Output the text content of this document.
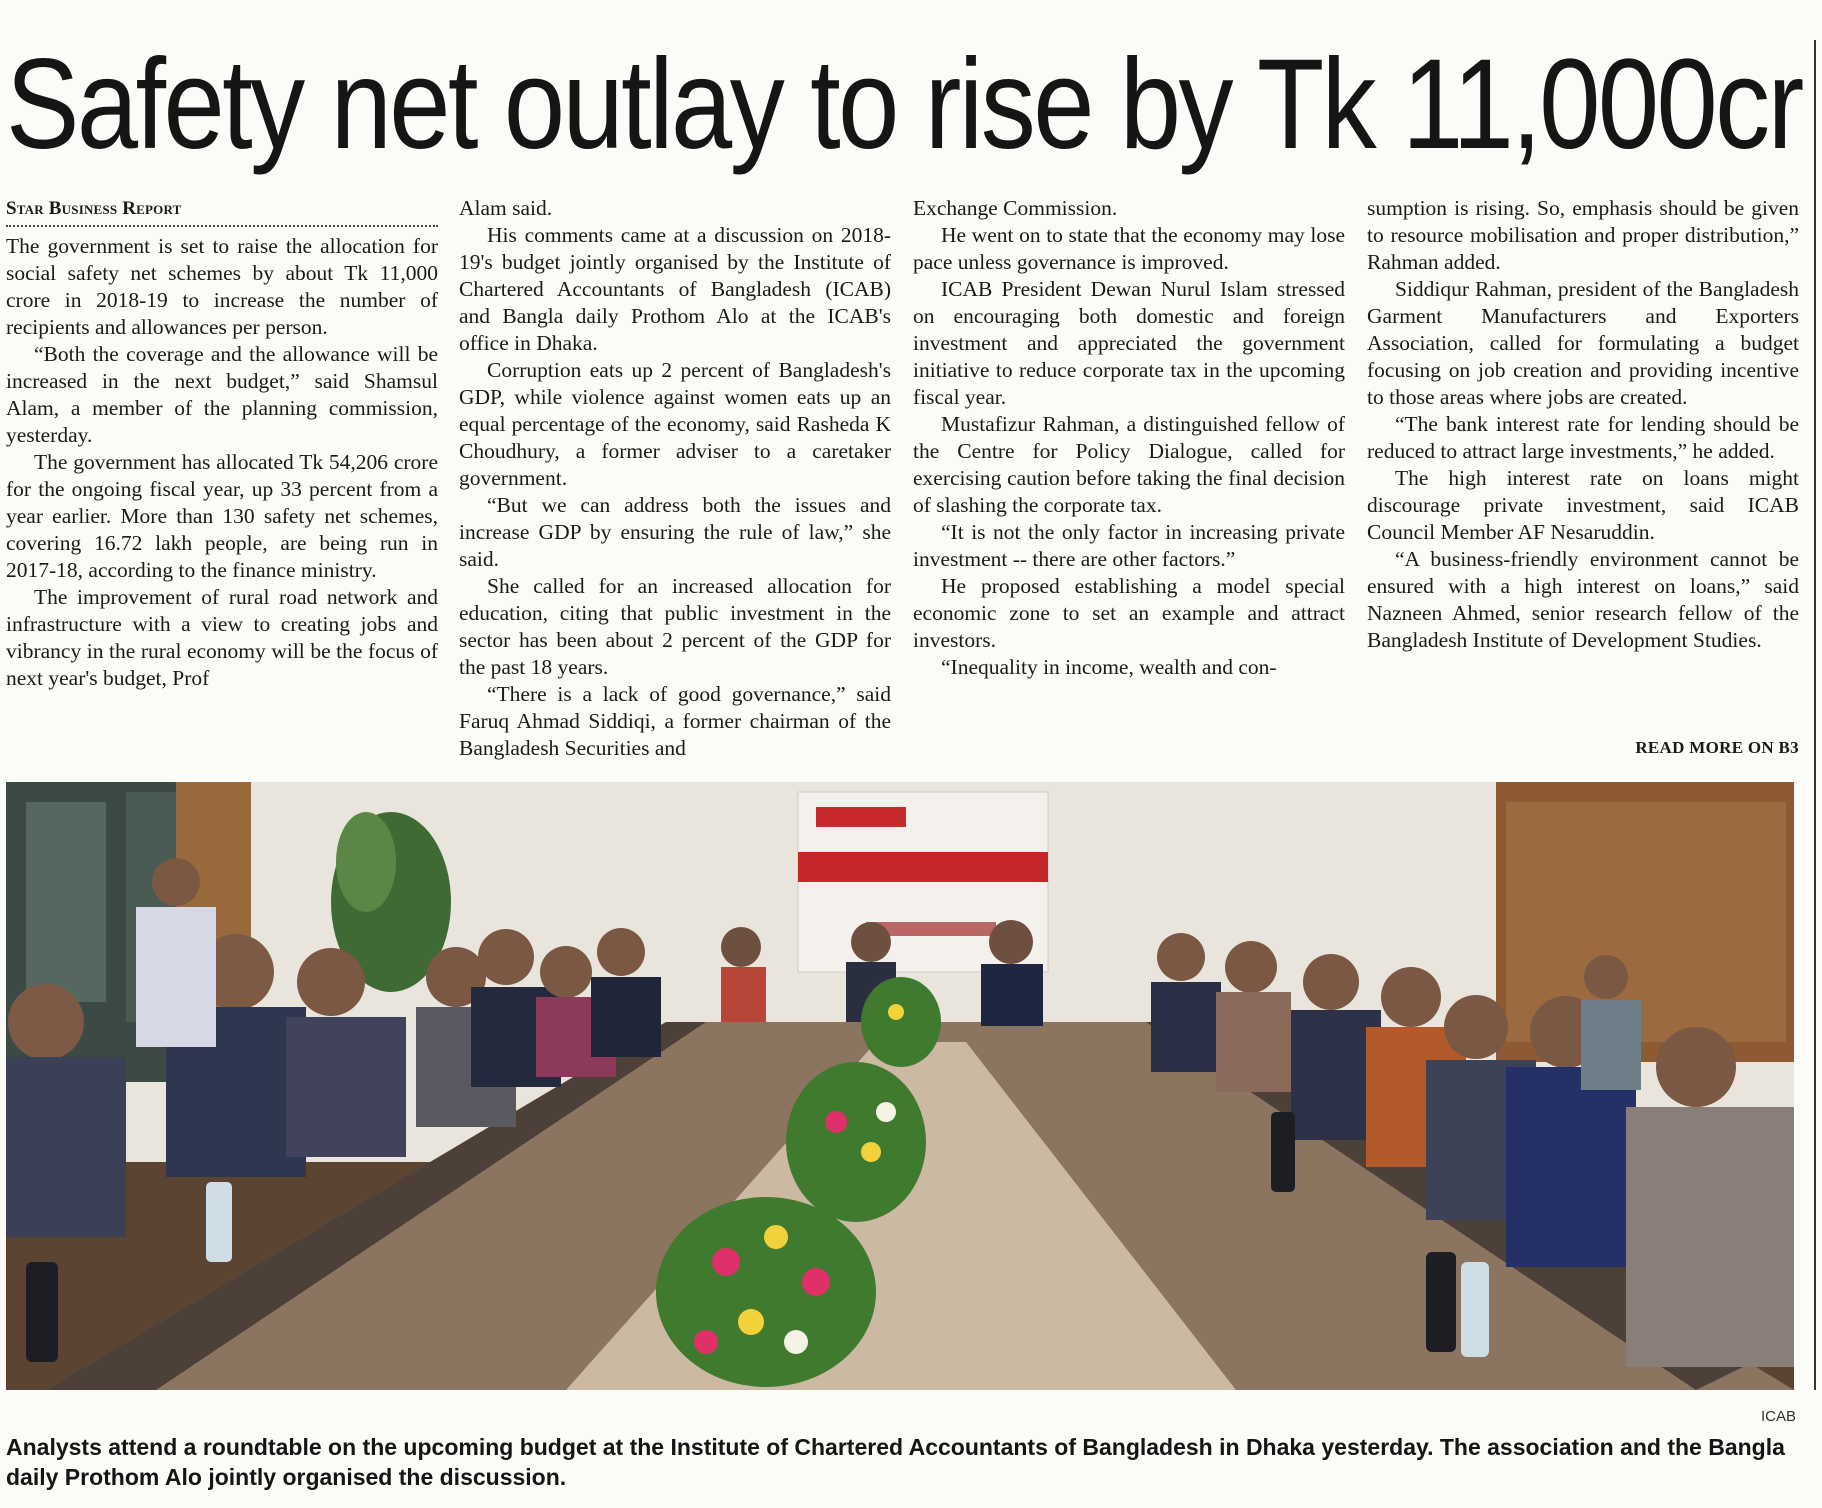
Safety net outlay to rise by Tk 11,000cr
Star Business Report

The government is set to raise the allocation for social safety net schemes by about Tk 11,000 crore in 2018-19 to increase the number of recipients and allowances per person.

“Both the coverage and the allowance will be increased in the next budget,” said Shamsul Alam, a member of the planning commission, yesterday.

The government has allocated Tk 54,206 crore for the ongoing fiscal year, up 33 percent from a year earlier. More than 130 safety net schemes, covering 16.72 lakh people, are being run in 2017-18, according to the finance ministry.

The improvement of rural road network and infrastructure with a view to creating jobs and vibrancy in the rural economy will be the focus of next year's budget, Prof

Alam said.

His comments came at a discussion on 2018-19's budget jointly organised by the Institute of Chartered Accountants of Bangladesh (ICAB) and Bangla daily Prothom Alo at the ICAB's office in Dhaka.

Corruption eats up 2 percent of Bangladesh's GDP, while violence against women eats up an equal percentage of the economy, said Rasheda K Choudhury, a former adviser to a caretaker government.

“But we can address both the issues and increase GDP by ensuring the rule of law,” she said.

She called for an increased allocation for education, citing that public investment in the sector has been about 2 percent of the GDP for the past 18 years.

“There is a lack of good governance,” said Faruq Ahmad Siddiqi, a former chairman of the Bangladesh Securities and

Exchange Commission.

He went on to state that the economy may lose pace unless governance is improved.

ICAB President Dewan Nurul Islam stressed on encouraging both domestic and foreign investment and appreciated the government initiative to reduce corporate tax in the upcoming fiscal year.

Mustafizur Rahman, a distinguished fellow of the Centre for Policy Dialogue, called for exercising caution before taking the final decision of slashing the corporate tax.

“It is not the only factor in increasing private investment -- there are other factors.”

He proposed establishing a model special economic zone to set an example and attract investors.

“Inequality in income, wealth and con-

sumption is rising. So, emphasis should be given to resource mobilisation and proper distribution,” Rahman added.

Siddiqur Rahman, president of the Bangladesh Garment Manufacturers and Exporters Association, called for formulating a budget focusing on job creation and providing incentive to those areas where jobs are created.

“The bank interest rate for lending should be reduced to attract large investments,” he added.

The high interest rate on loans might discourage private investment, said ICAB Council Member AF Nesaruddin.

“A business-friendly environment cannot be ensured with a high interest on loans,” said Nazneen Ahmed, senior research fellow of the Bangladesh Institute of Development Studies.

READ MORE ON B3
ICAB
Analysts attend a roundtable on the upcoming budget at the Institute of Chartered Accountants of Bangladesh in Dhaka yesterday. The association and the Bangla daily Prothom Alo jointly organised the discussion.
